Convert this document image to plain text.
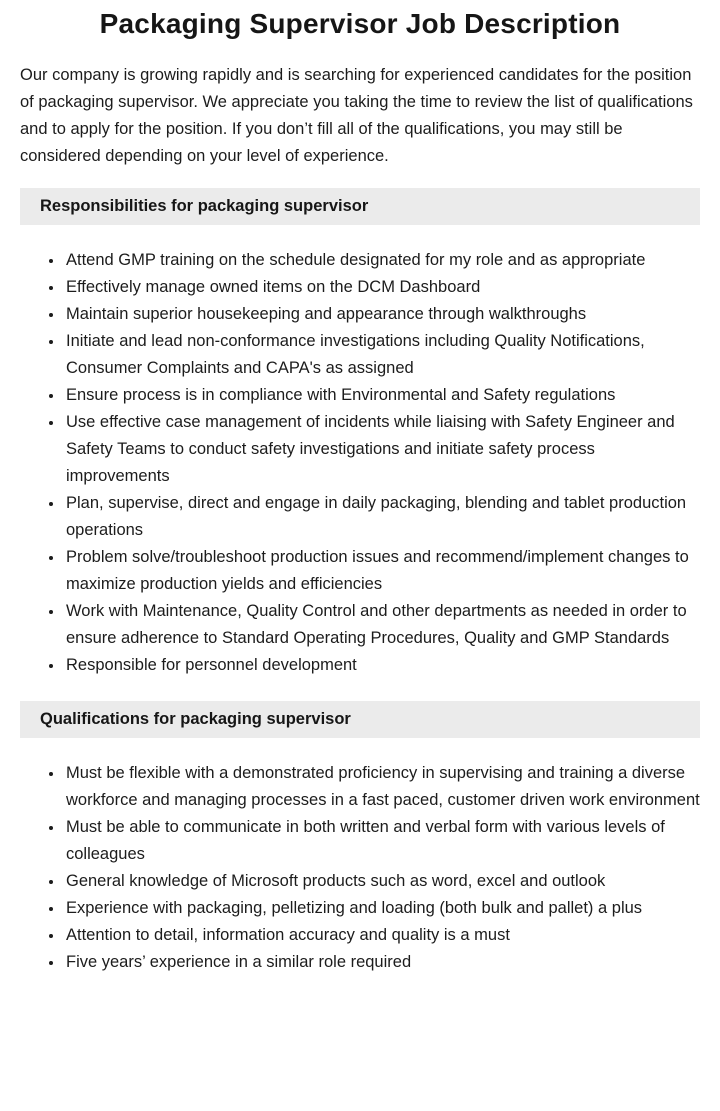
Packaging Supervisor Job Description

Our company is growing rapidly and is searching for experienced candidates for the position of packaging supervisor. We appreciate you taking the time to review the list of qualifications and to apply for the position. If you don’t fill all of the qualifications, you may still be considered depending on your level of experience.

Responsibilities for packaging supervisor
• Attend GMP training on the schedule designated for my role and as appropriate
• Effectively manage owned items on the DCM Dashboard
• Maintain superior housekeeping and appearance through walkthroughs
• Initiate and lead non-conformance investigations including Quality Notifications, Consumer Complaints and CAPA's as assigned
• Ensure process is in compliance with Environmental and Safety regulations
• Use effective case management of incidents while liaising with Safety Engineer and Safety Teams to conduct safety investigations and initiate safety process improvements
• Plan, supervise, direct and engage in daily packaging, blending and tablet production operations
• Problem solve/troubleshoot production issues and recommend/implement changes to maximize production yields and efficiencies
• Work with Maintenance, Quality Control and other departments as needed in order to ensure adherence to Standard Operating Procedures, Quality and GMP Standards
• Responsible for personnel development
Qualifications for packaging supervisor
• Must be flexible with a demonstrated proficiency in supervising and training a diverse workforce and managing processes in a fast paced, customer driven work environment
• Must be able to communicate in both written and verbal form with various levels of colleagues
• General knowledge of Microsoft products such as word, excel and outlook
• Experience with packaging, pelletizing and loading (both bulk and pallet) a plus
• Attention to detail, information accuracy and quality is a must
• Five years’ experience in a similar role required
